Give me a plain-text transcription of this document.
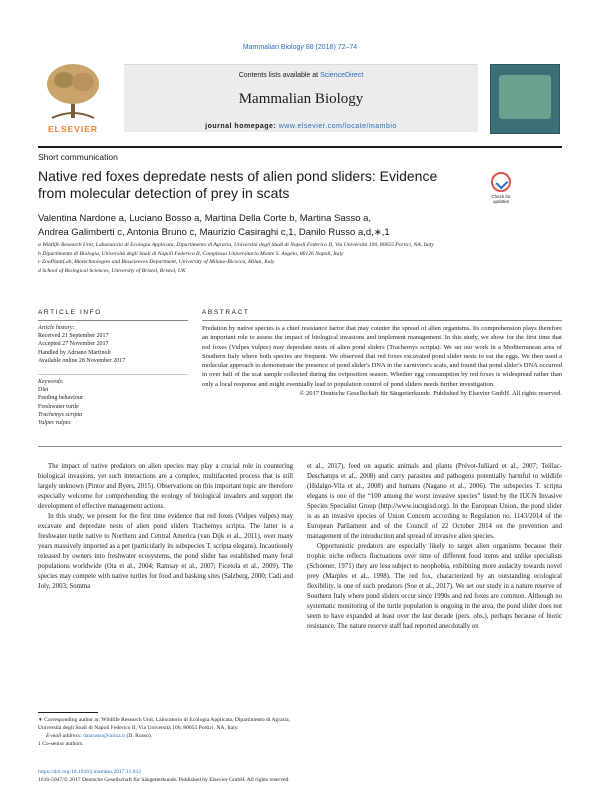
Mammalian Biology 88 (2018) 72–74
ELSEVIER
Contents lists available at ScienceDirect
Mammalian Biology
journal homepage: www.elsevier.com/locate/mambio
Short communication
Native red foxes depredate nests of alien pond sliders: Evidence from molecular detection of prey in scats	Check for updates
Valentina Nardone a, Luciano Bosso a, Martina Della Corte b, Martina Sasso a,
Andrea Galimberti c, Antonia Bruno c, Maurizio Casiraghi c,1, Danilo Russo a,d,∗,1
a Wildlife Research Unit, Laboratorio di Ecologia Applicata, Dipartimento di Agraria, Università degli Studi di Napoli Federico II, Via Università 100, 80055 Portici, NA, Italy
b Dipartimento di Biologia, Università degli Studi di Napoli Federico II, Complesso Universitario Monte S. Angelo, 80126 Napoli, Italy
c ZooPlantLab, Biotechnologies and Biosciences Department, University of Milano-Bicocca, Milan, Italy
d School of Biological Sciences, University of Bristol, Bristol, UK
ARTICLE INFO
Article history:
Received 21 September 2017
Accepted 27 November 2017
Handled by Adriano Martinoli
Available online 28 November 2017
Keywords:
Diet
Feeding behaviour
Freshwater turtle
Trachemys scripta
Vulpes vulpes
ABSTRACT
Predation by native species is a chief resistance factor that may counter the spread of alien organisms. Its comprehension plays therefore an important role to assess the impact of biological invasions and implement management. In this study, we show for the first time that red foxes (Vulpes vulpes) may depredate nests of alien pond sliders (Trachemys scripta). We set our work in a Mediterranean area of Southern Italy where both species are frequent. We observed that red foxes excavated pond slider nests to eat the eggs. We then used a molecular approach to demonstrate the presence of pond slider's DNA in the carnivore's scats, and found that pond slider's DNA occurred in over half of the scat sample collected during the oviposition season. Whether egg consumption by red foxes is widespread rather than only a local response and might eventually lead to population control of pond sliders needs further investigation.
© 2017 Deutsche Gesellschaft für Säugetierkunde. Published by Elsevier GmbH. All rights reserved.

The impact of native predators on alien species may play a crucial role in countering biological invasions, yet such interactions are a complex, multifaceted process that is still largely unknown (Pintor and Byers, 2015). Observations on this important topic are therefore especially welcome for comprehending the ecology of biological invaders and support the development of effective management actions.

In this study, we present for the first time evidence that red foxes (Vulpes vulpes) may excavate and depredate nests of alien pond sliders Trachemys scripta. The latter is a freshwater turtle native to Northern and Central America (van Dijk et al., 2011), over many years massively imported as a pet (particularly its subspecies T. scripta elegans). Incautiously released by owners into freshwater ecosystems, the pond slider has established many feral populations worldwide (Ota et al., 2004; Ramsay et al., 2007; Ficetola et al., 2009). The species may compete with native turtles for food and basking sites (Salzberg, 2000; Cadi and Joly, 2003; Somma

et al., 2017), feed on aquatic animals and plants (Prévot-Julliard et al., 2007; Teillac-Deschamps et al., 2008) and carry parasites and pathogens potentially harmful to wildlife (Hidalgo-Vila et al., 2008) and humans (Nagano et al., 2006). The subspecies T. scripta elegans is one of the “100 among the worst invasive species” listed by the IUCN Invasive Species Specialist Group (http://www.iucngisd.org). In the European Union, the pond slider is as an invasive species of Union Concern according to Regulation no. 1143/2014 of the European Parliament and of the Council of 22 October 2014 on the prevention and management of the introduction and spread of invasive alien species.

Opportunistic predators are especially likely to target alien organisms because their trophic niche reflects fluctuations over time of different food items and unlike specialists (Schoener, 1971) they are less subject to neophobia, exhibiting more audacity towards novel prey (Marples et al., 1998). The red fox, characterized by an outstanding ecological flexibility, is one of such predators (Soe et al., 2017). We set our study in a nature reserve of Southern Italy where pond sliders occur since 1990s and red foxes are common. Although no systematic monitoring of the turtle population is ongoing in the area, the pond slider does not seem to have expanded at least over the last decade (pers. obs.), perhaps because of biotic resistance. The nature reserve staff had reported anecdotally on

∗ Corresponding author at: Wildlife Research Unit, Laboratorio di Ecologia Applicata, Dipartimento di Agraria, Università degli Studi di Napoli Federico II, Via Università 100, 80055 Portici, NA, Italy.
E-mail address: danrusso@unina.it (D. Russo).
1 Co-senior authors.
https://doi.org/10.1016/j.mambio.2017.11.012
1616-5047/© 2017 Deutsche Gesellschaft für Säugetierkunde. Published by Elsevier GmbH. All rights reserved.
